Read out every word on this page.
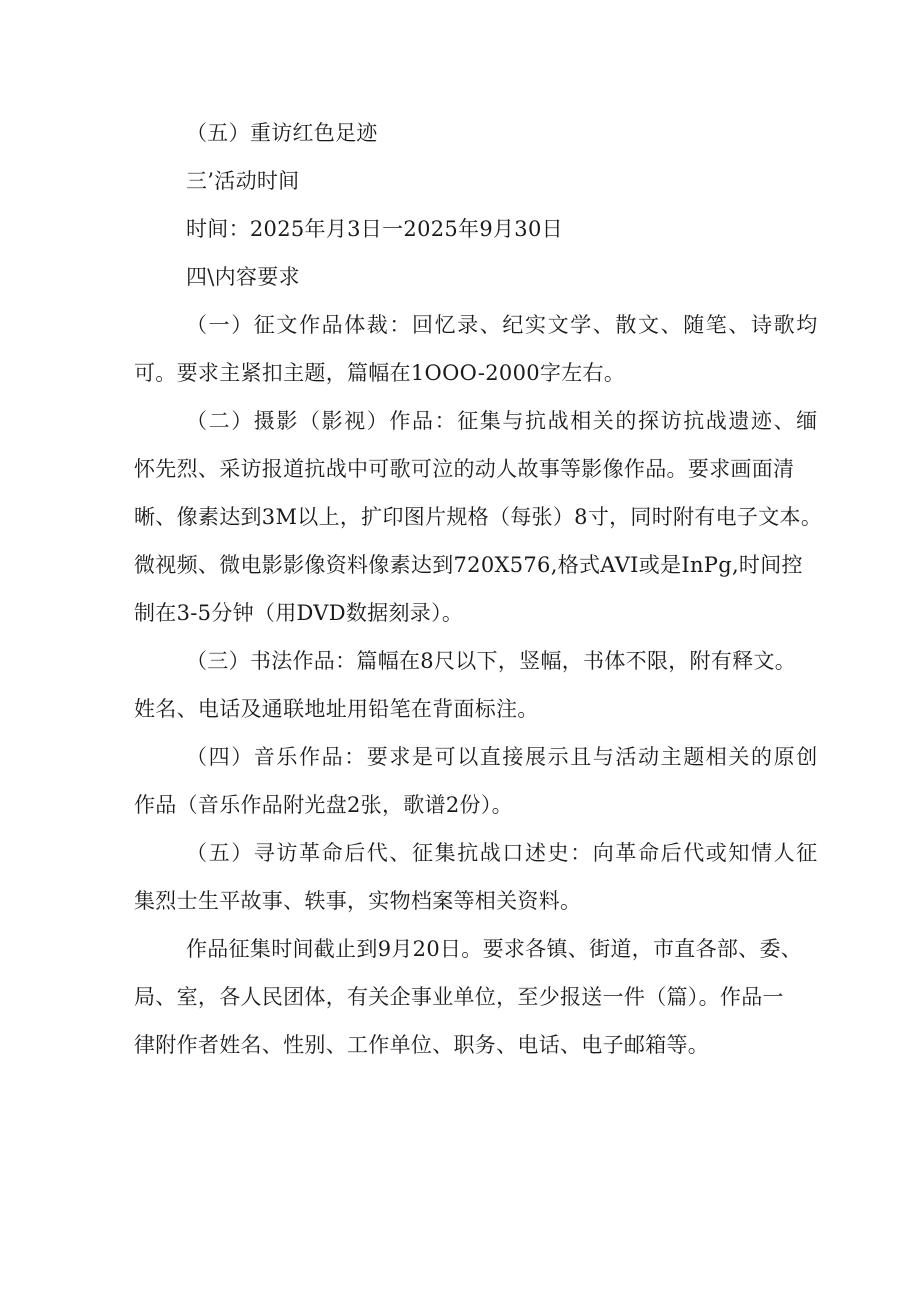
（五）重访红色足迹
三’活动时间
时间：2025年月3日一2025年9月30日
四\内容要求
（一）征文作品体裁：回忆录、纪实文学、散文、随笔、诗歌均
可。要求主紧扣主题，篇幅在1OOO-2000字左右。
（二）摄影（影视）作品：征集与抗战相关的探访抗战遗迹、缅
怀先烈、采访报道抗战中可歌可泣的动人故事等影像作品。要求画面清
晰、像素达到3M以上，扩印图片规格（每张）8寸，同时附有电子文本。
微视频、微电影影像资料像素达到720X576,格式AVI或是InPg,时间控
制在3-5分钟（用DVD数据刻录）。
（三）书法作品：篇幅在8尺以下，竖幅，书体不限，附有释文。
姓名、电话及通联地址用铅笔在背面标注。
（四）音乐作品：要求是可以直接展示且与活动主题相关的原创
作品（音乐作品附光盘2张，歌谱2份）。
（五）寻访革命后代、征集抗战口述史：向革命后代或知情人征
集烈士生平故事、轶事，实物档案等相关资料。
作品征集时间截止到9月20日。要求各镇、街道，市直各部、委、
局、室，各人民团体，有关企事业单位，至少报送一件（篇）。作品一
律附作者姓名、性别、工作单位、职务、电话、电子邮箱等。
